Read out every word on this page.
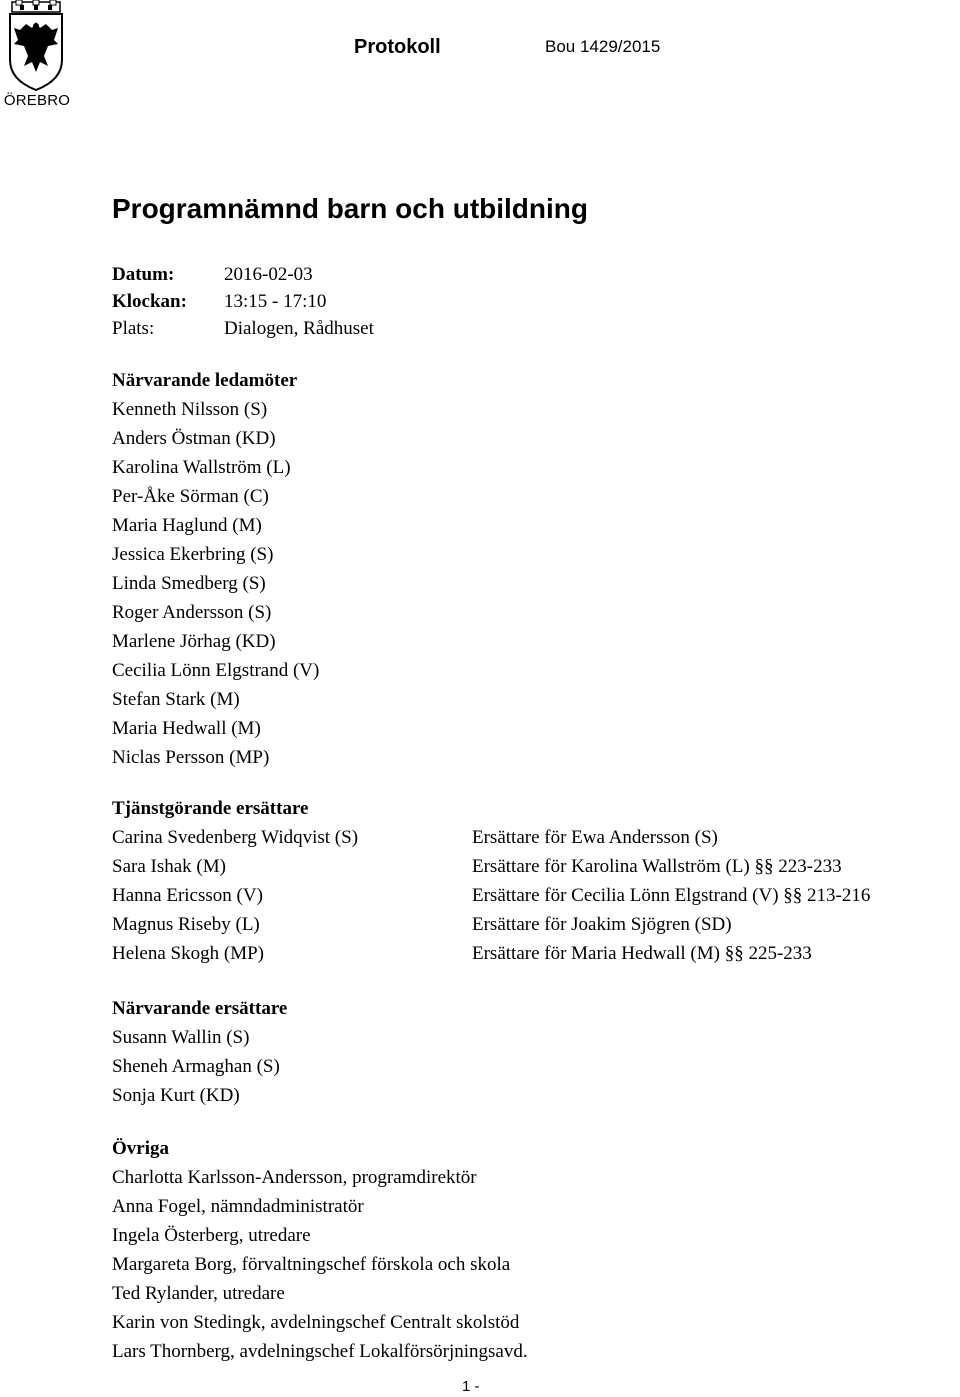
ÖREBRO
Protokoll	Bou 1429/2015
Programnämnd barn och utbildning
Datum:	2016-02-03
Klockan:	13:15 - 17:10
Plats:	Dialogen, Rådhuset
Närvarande ledamöter
Kenneth Nilsson (S)
Anders Östman (KD)
Karolina Wallström (L)
Per-Åke Sörman (C)
Maria Haglund (M)
Jessica Ekerbring (S)
Linda Smedberg (S)
Roger Andersson (S)
Marlene Jörhag (KD)
Cecilia Lönn Elgstrand (V)
Stefan Stark (M)
Maria Hedwall (M)
Niclas Persson (MP)
Tjänstgörande ersättare
Carina Svedenberg Widqvist (S)	Ersättare för Ewa Andersson (S)
Sara Ishak (M)	Ersättare för Karolina Wallström (L) §§ 223-233
Hanna Ericsson (V)	Ersättare för Cecilia Lönn Elgstrand (V) §§ 213-216
Magnus Riseby (L)	Ersättare för Joakim Sjögren (SD)
Helena Skogh (MP)	Ersättare för Maria Hedwall (M) §§ 225-233
Närvarande ersättare
Susann Wallin (S)
Sheneh Armaghan (S)
Sonja Kurt (KD)
Övriga
Charlotta Karlsson-Andersson, programdirektör
Anna Fogel, nämndadministratör
Ingela Österberg, utredare
Margareta Borg, förvaltningschef förskola och skola
Ted Rylander, utredare
Karin von Stedingk, avdelningschef Centralt skolstöd
Lars Thornberg, avdelningschef Lokalförsörjningsavd.
1 -
